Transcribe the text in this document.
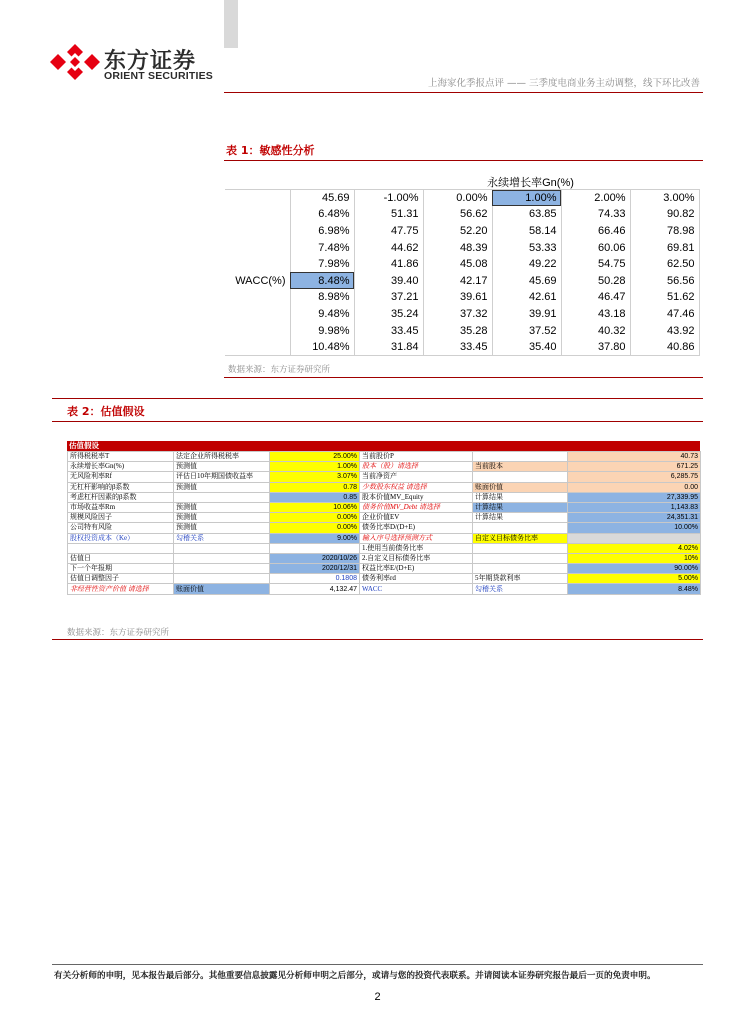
东方证券
ORIENT SECURITIES
上海家化季报点评 —— 三季度电商业务主动调整，线下环比改善
表 1：敏感性分析
永续增长率Gn(%)
	45.69	-1.00%	0.00%	1.00%	2.00%	3.00%
	6.48%	51.31	56.62	63.85	74.33	90.82
	6.98%	47.75	52.20	58.14	66.46	78.98
	7.48%	44.62	48.39	53.33	60.06	69.81
	7.98%	41.86	45.08	49.22	54.75	62.50
WACC(%)	8.48%	39.40	42.17	45.69	50.28	56.56
	8.98%	37.21	39.61	42.61	46.47	51.62
	9.48%	35.24	37.32	39.91	43.18	47.46
	9.98%	33.45	35.28	37.52	40.32	43.92
	10.48%	31.84	33.45	35.40	37.80	40.86
数据来源：东方证券研究所
表 2：估值假设
估值假设
所得税税率T	法定企业所得税税率	25.00%	当前股价P		40.73
永续增长率Gn(%)	预测值	1.00%	股本（股）请选择	当前股本	671.25
无风险利率Rf	评估日10年期国债收益率	3.07%	当前净资产		6,285.75
无杠杆影响的β系数	预测值	0.78	少数股东权益 请选择	账面价值	0.00
考虑杠杆因素的β系数		0.85	股本价值MV_Equity	计算结果	27,339.95
市场收益率Rm	预测值	10.06%	债务价值MV_Debt 请选择	计算结果	1,143.83
规模风险因子	预测值	0.00%	企业价值EV	计算结果	24,351.31
公司特有风险	预测值	0.00%	债务比率D/(D+E)		10.00%
股权投资成本（Ke）	勾稽关系	9.00%	输入序号选择预测方式	自定义目标债务比率	
			1.使用当前债务比率		4.02%
估值日		2020/10/26	2.自定义目标债务比率		10%
下一个年报期		2020/12/31	权益比率E/(D+E)		90.00%
估值日调整因子		0.1808	债务利率rd	5年期贷款利率	5.00%
非经营性资产价值 请选择	账面价值	4,132.47	WACC	勾稽关系	8.48%
数据来源：东方证券研究所
有关分析师的申明，见本报告最后部分。其他重要信息披露见分析师申明之后部分，或请与您的投资代表联系。并请阅读本证券研究报告最后一页的免责申明。
2
